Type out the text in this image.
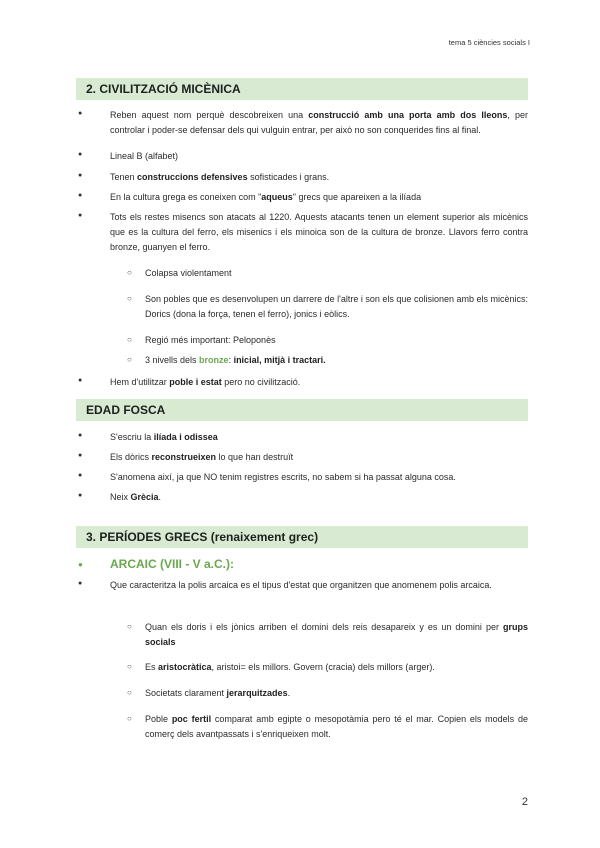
tema 5 ciències socials I
2. CIVILITZACIÓ MICÈNICA
● Reben aquest nom perquè descobreixen una construcció amb una porta amb dos lleons, per controlar i poder-se defensar dels qui vulguin entrar, per això no son conquerides fins al final.
● Lineal B (alfabet)
● Tenen construccions defensives sofisticades i grans.
● En la cultura grega es coneixen com "aqueus" grecs que apareixen a la ilíada
● Tots els restes misencs son atacats al 1220. Aquests atacants tenen un element superior als micènics que es la cultura del ferro, els misenics i els minoica son de la cultura de bronze. Llavors ferro contra bronze, guanyen el ferro.
○ Colapsa violentament
○ Son pobles que es desenvolupen un darrere de l'altre i son els que colisionen amb els micènics: Dorics (dona la força, tenen el ferro), jonics i eòlics.
○ Regió més important: Peloponès
○ 3 nivells dels bronze: inicial, mitjà i tractari.
● Hem d'utilitzar poble i estat pero no civilització.
EDAD FOSCA
● S'escriu la ilíada i odissea
● Els dòrics reconstrueixen lo que han destruït
● S'anomena així, ja que NO tenim registres escrits, no sabem si ha passat alguna cosa.
● Neix Grècia.
3. PERÍODES GRECS (renaixement grec)
● ARCAIC (VIII - V a.C.):
● Que caracteritza la polis arcaica es el tipus d'estat que organitzen que anomenem polis arcaica.
○ Quan els doris i els jònics arriben el domini dels reis desapareix y es un domini per grups socials
○ Es aristocràtica, aristoi= els millors. Govern (cracia) dels millors (arger).
○ Societats clarament jerarquitzades.
○ Poble poc fertil comparat amb egipte o mesopotàmia pero té el mar. Copien els models de comerç dels avantpassats i s'enriqueixen molt.
2
